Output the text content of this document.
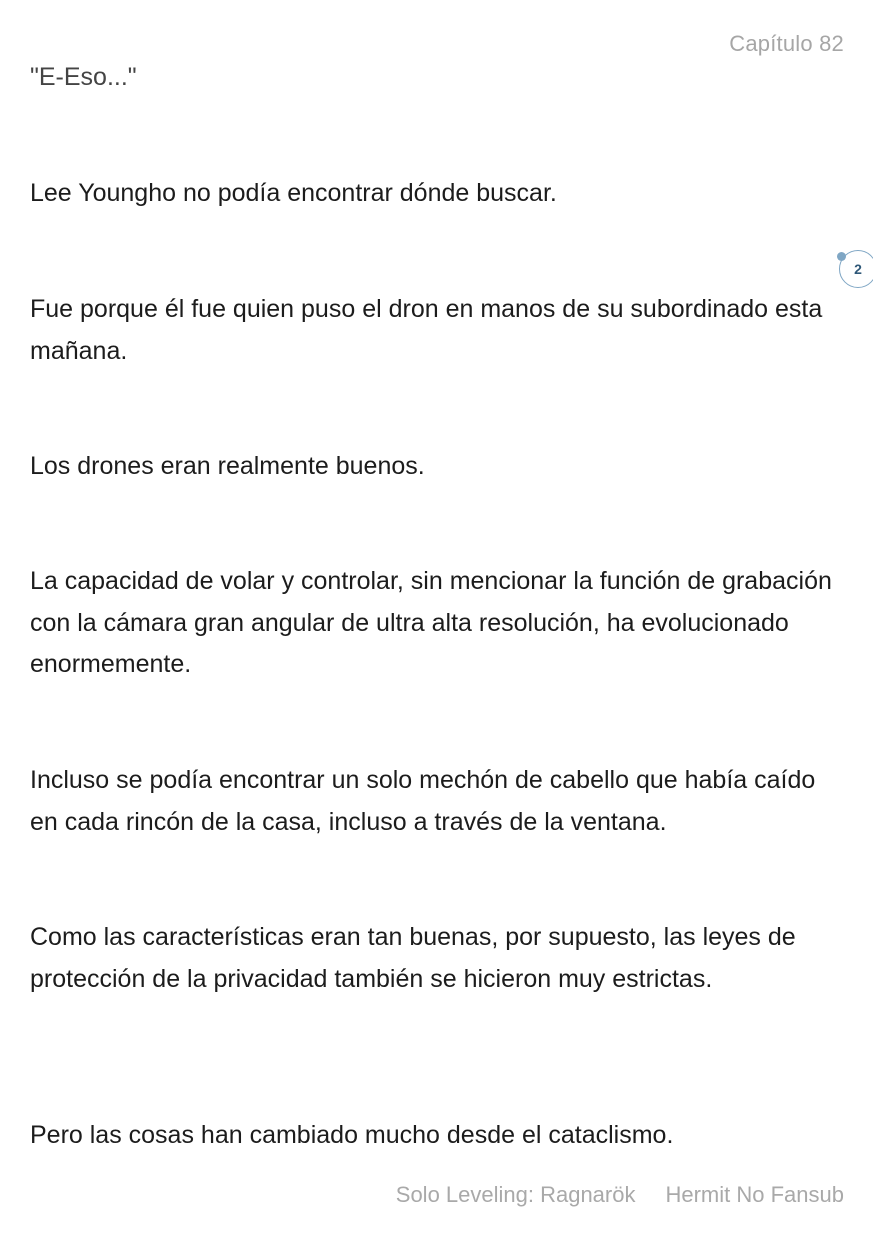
Capítulo 82

"E-Eso..."

Lee Youngho no podía encontrar dónde buscar.

Fue porque él fue quien puso el dron en manos de su subordinado esta mañana.

Los drones eran realmente buenos.

La capacidad de volar y controlar, sin mencionar la función de grabación con la cámara gran angular de ultra alta resolución, ha evolucionado enormemente.

Incluso se podía encontrar un solo mechón de cabello que había caído en cada rincón de la casa, incluso a través de la ventana.

Como las características eran tan buenas, por supuesto, las leyes de protección de la privacidad también se hicieron muy estrictas.

Pero las cosas han cambiado mucho desde el cataclismo.

2
Solo Leveling: Ragnarök Hermit No Fansub
